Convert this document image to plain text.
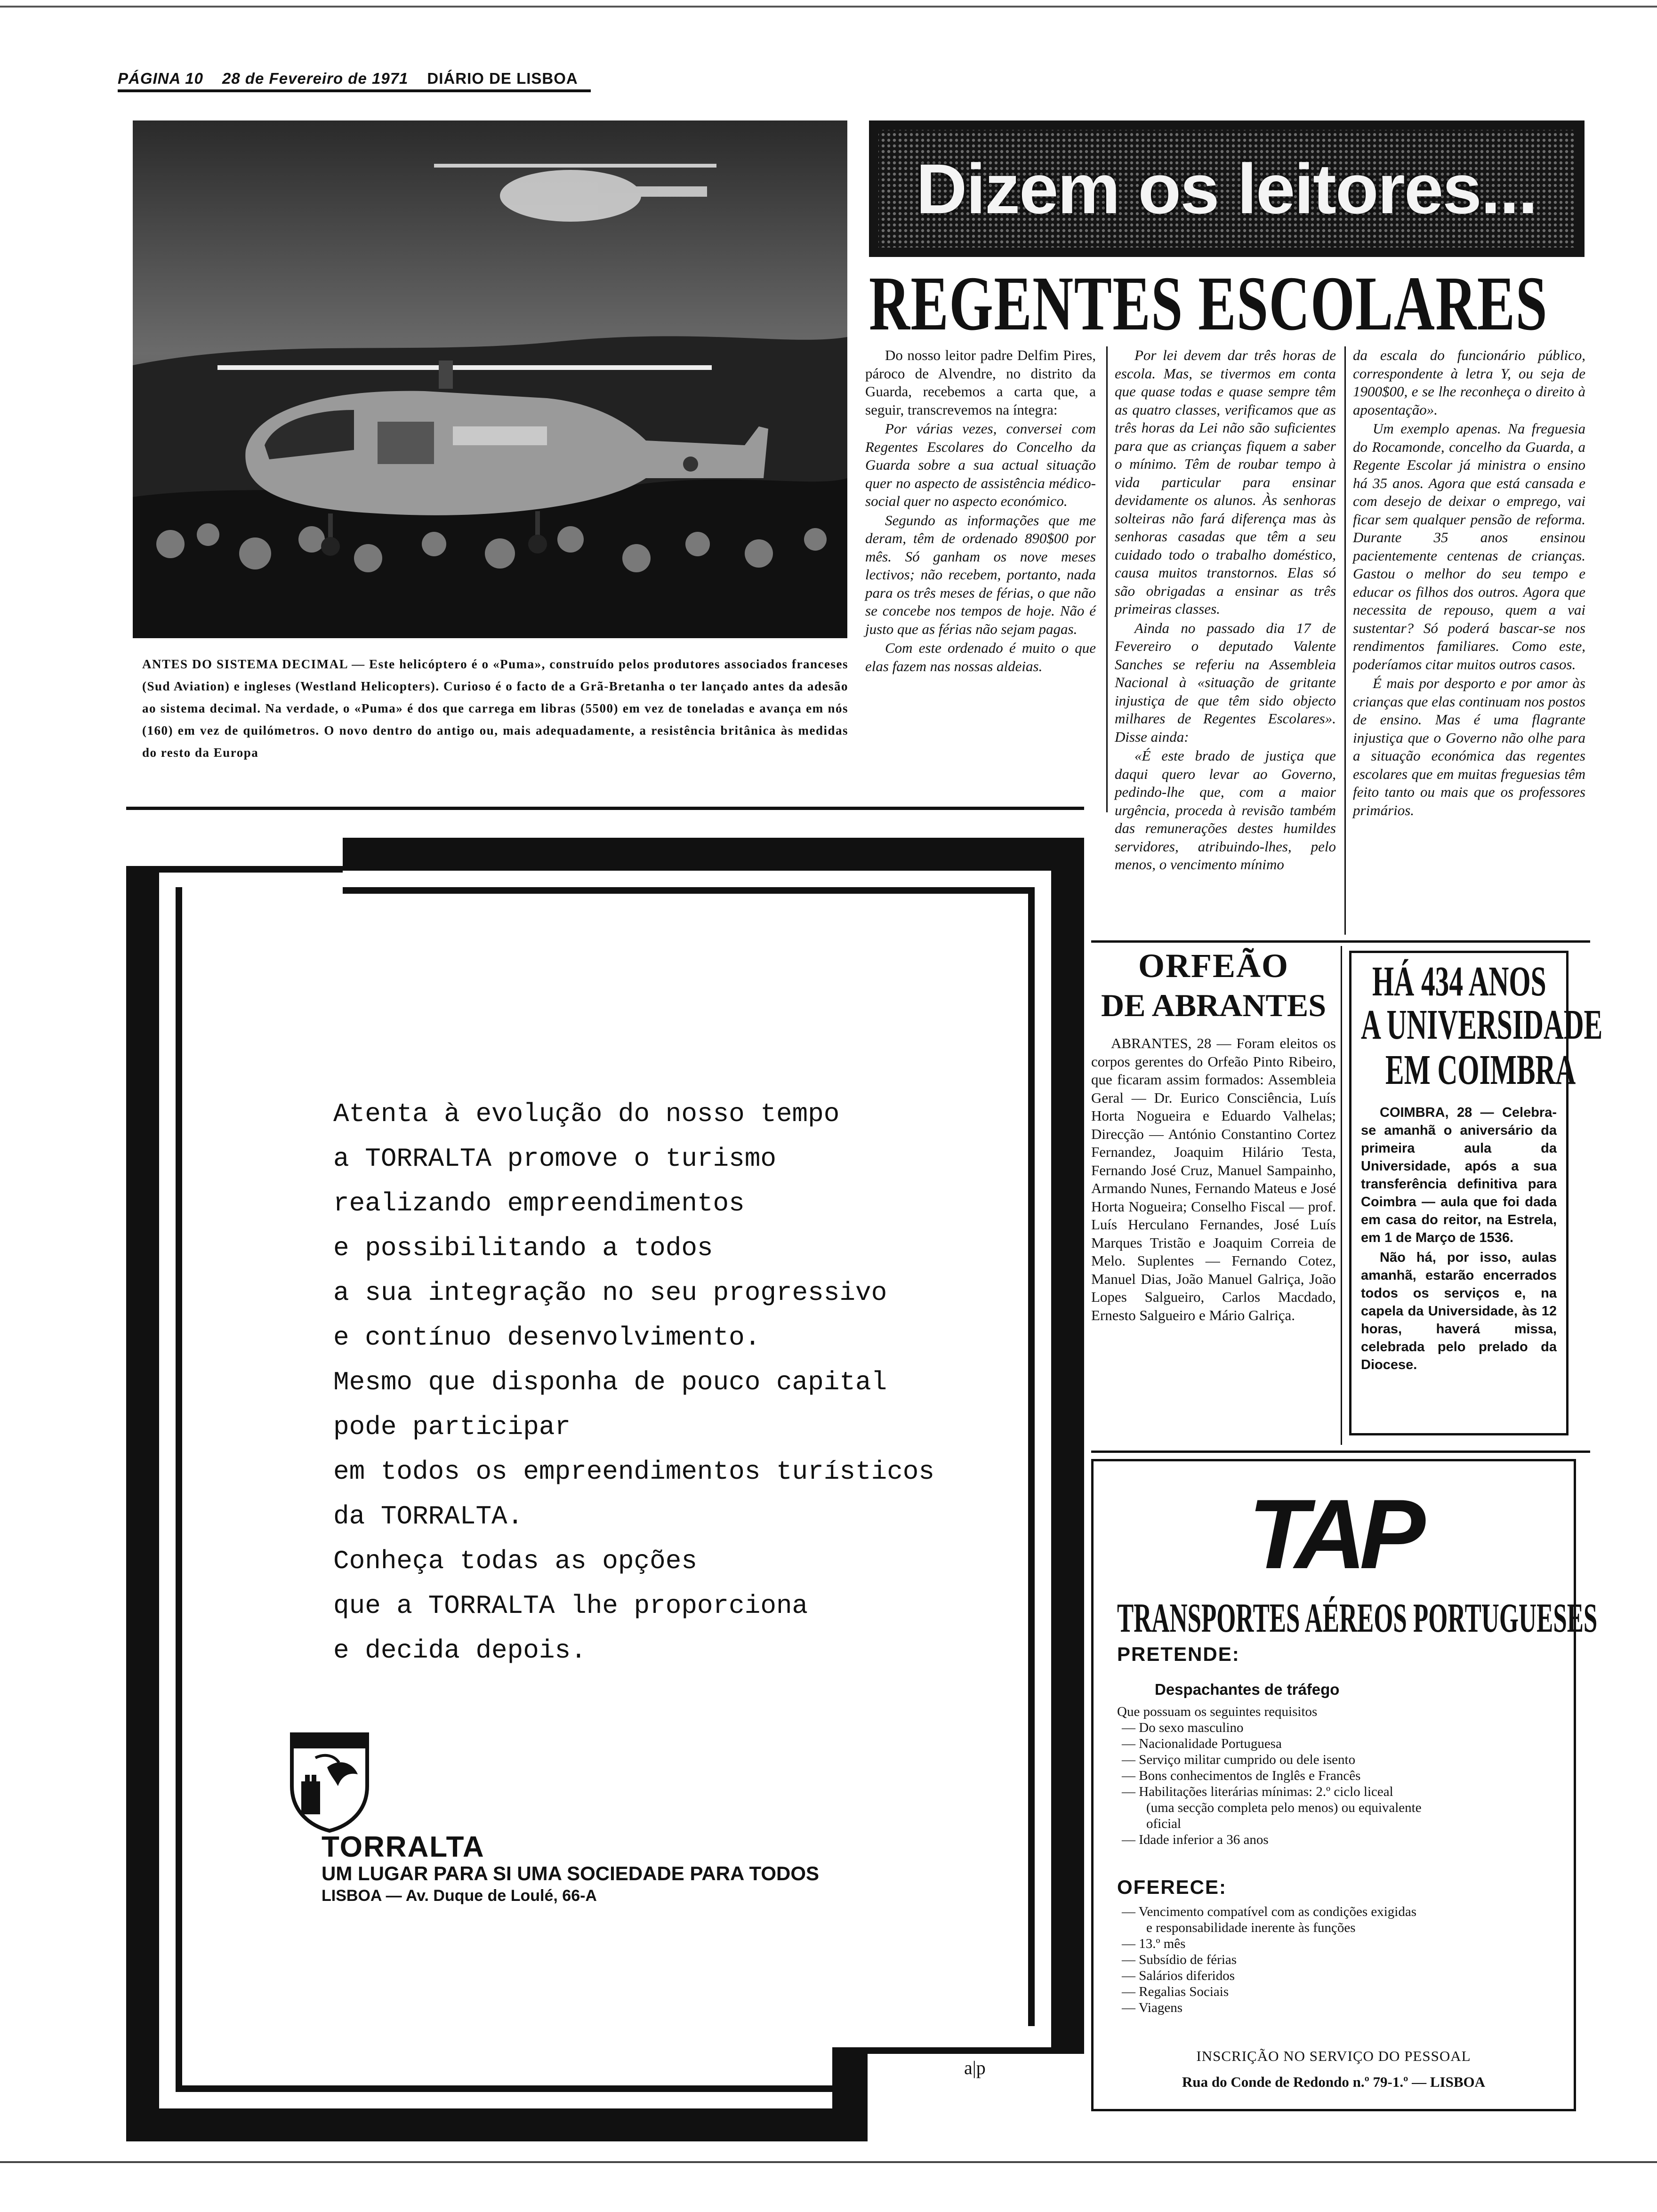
PÁGINA 10 28 de Fevereiro de 1971 DIÁRIO DE LISBOA
ANTES DO SISTEMA DECIMAL — Este helicóptero é o «Puma», construído pelos produtores associados franceses (Sud Aviation) e ingleses (Westland Helicopters). Curioso é o facto de a Grã-Bretanha o ter lançado antes da adesão ao sistema decimal. Na verdade, o «Puma» é dos que carrega em libras (5500) em vez de toneladas e avança em nós (160) em vez de quilómetros. O novo dentro do antigo ou, mais adequadamente, a resistência britânica às medidas do resto da Europa
Dizem os leitores...
REGENTES ESCOLARES

Do nosso leitor padre Delfim Pires, pároco de Alvendre, no distrito da Guarda, recebemos a carta que, a seguir, transcrevemos na íntegra:

Por várias vezes, conversei com Regentes Escolares do Concelho da Guarda sobre a sua actual situação quer no aspecto de assistência médico-social quer no aspecto económico.

Segundo as informações que me deram, têm de ordenado 890$00 por mês. Só ganham os nove meses lectivos; não recebem, portanto, nada para os três meses de férias, o que não se concebe nos tempos de hoje. Não é justo que as férias não sejam pagas.

Com este ordenado é muito o que elas fazem nas nossas aldeias.

Por lei devem dar três horas de escola. Mas, se tivermos em conta que quase todas e quase sempre têm as quatro classes, verificamos que as três horas da Lei não são suficientes para que as crianças fiquem a saber o mínimo. Têm de roubar tempo à vida particular para ensinar devidamente os alunos. Às senhoras solteiras não fará diferença mas às senhoras casadas que têm a seu cuidado todo o trabalho doméstico, causa muitos transtornos. Elas só são obrigadas a ensinar as três primeiras classes.

Ainda no passado dia 17 de Fevereiro o deputado Valente Sanches se referiu na Assembleia Nacional à «situação de gritante injustiça de que têm sido objecto milhares de Regentes Escolares». Disse ainda:

«É este brado de justiça que daqui quero levar ao Governo, pedindo-lhe que, com a maior urgência, proceda à revisão também das remunerações destes humildes servidores, atribuindo-lhes, pelo menos, o vencimento mínimo

da escala do funcionário público, correspondente à letra Y, ou seja de 1900$00, e se lhe reconheça o direito à aposentação».

Um exemplo apenas. Na freguesia do Rocamonde, concelho da Guarda, a Regente Escolar já ministra o ensino há 35 anos. Agora que está cansada e com desejo de deixar o emprego, vai ficar sem qualquer pensão de reforma. Durante 35 anos ensinou pacientemente centenas de crianças. Gastou o melhor do seu tempo e educar os filhos dos outros. Agora que necessita de repouso, quem a vai sustentar? Só poderá bascar-se nos rendimentos familiares. Como este, poderíamos citar muitos outros casos.

É mais por desporto e por amor às crianças que elas continuam nos postos de ensino. Mas é uma flagrante injustiça que o Governo não olhe para a situação económica das regentes escolares que em muitas freguesias têm feito tanto ou mais que os professores primários.

ORFEÃO
DE ABRANTES
ABRANTES, 28 — Foram eleitos os corpos gerentes do Orfeão Pinto Ribeiro, que ficaram assim formados: Assembleia Geral — Dr. Eurico Consciência, Luís Horta Nogueira e Eduardo Valhelas; Direcção — António Constantino Cortez Fernandez, Joaquim Hilário Testa, Fernando José Cruz, Manuel Sampainho, Armando Nunes, Fernando Mateus e José Horta Nogueira; Conselho Fiscal — prof. Luís Herculano Fernandes, José Luís Marques Tristão e Joaquim Correia de Melo. Suplentes — Fernando Cotez, Manuel Dias, João Manuel Galriça, João Lopes Salgueiro, Carlos Macdado, Ernesto Salgueiro e Mário Galriça.
HÁ 434 ANOS
A UNIVERSIDADE
EM COIMBRA

COIMBRA, 28 — Celebra-se amanhã o aniversário da primeira aula da Universidade, após a sua transferência definitiva para Coimbra — aula que foi dada em casa do reitor, na Estrela, em 1 de Março de 1536.

Não há, por isso, aulas amanhã, estarão encerrados todos os serviços e, na capela da Universidade, às 12 horas, haverá missa, celebrada pelo prelado da Diocese.

Atenta à evolução do nosso tempo
a TORRALTA promove o turismo
realizando empreendimentos
e possibilitando a todos
a sua integração no seu progressivo
e contínuo desenvolvimento.
Mesmo que disponha de pouco capital
pode participar
em todos os empreendimentos turísticos
da TORRALTA.
Conheça todas as opções
que a TORRALTA lhe proporciona
e decida depois.
TORRALTA
UM LUGAR PARA SI UMA SOCIEDADE PARA TODOS
LISBOA — Av. Duque de Loulé, 66-A
a|p
TAP
TRANSPORTES AÉREOS PORTUGUESES
PRETENDE:
Despachantes de tráfego
Que possuam os seguintes requisitos
— Do sexo masculino
— Nacionalidade Portuguesa
— Serviço militar cumprido ou dele isento
— Bons conhecimentos de Inglês e Francês
— Habilitações literárias mínimas: 2.º ciclo liceal
(uma secção completa pelo menos) ou equivalente
oficial
— Idade inferior a 36 anos
OFERECE:
— Vencimento compatível com as condições exigidas
e responsabilidade inerente às funções
— 13.º mês
— Subsídio de férias
— Salários diferidos
— Regalias Sociais
— Viagens
INSCRIÇÃO NO SERVIÇO DO PESSOAL
Rua do Conde de Redondo n.º 79-1.º — LISBOA
